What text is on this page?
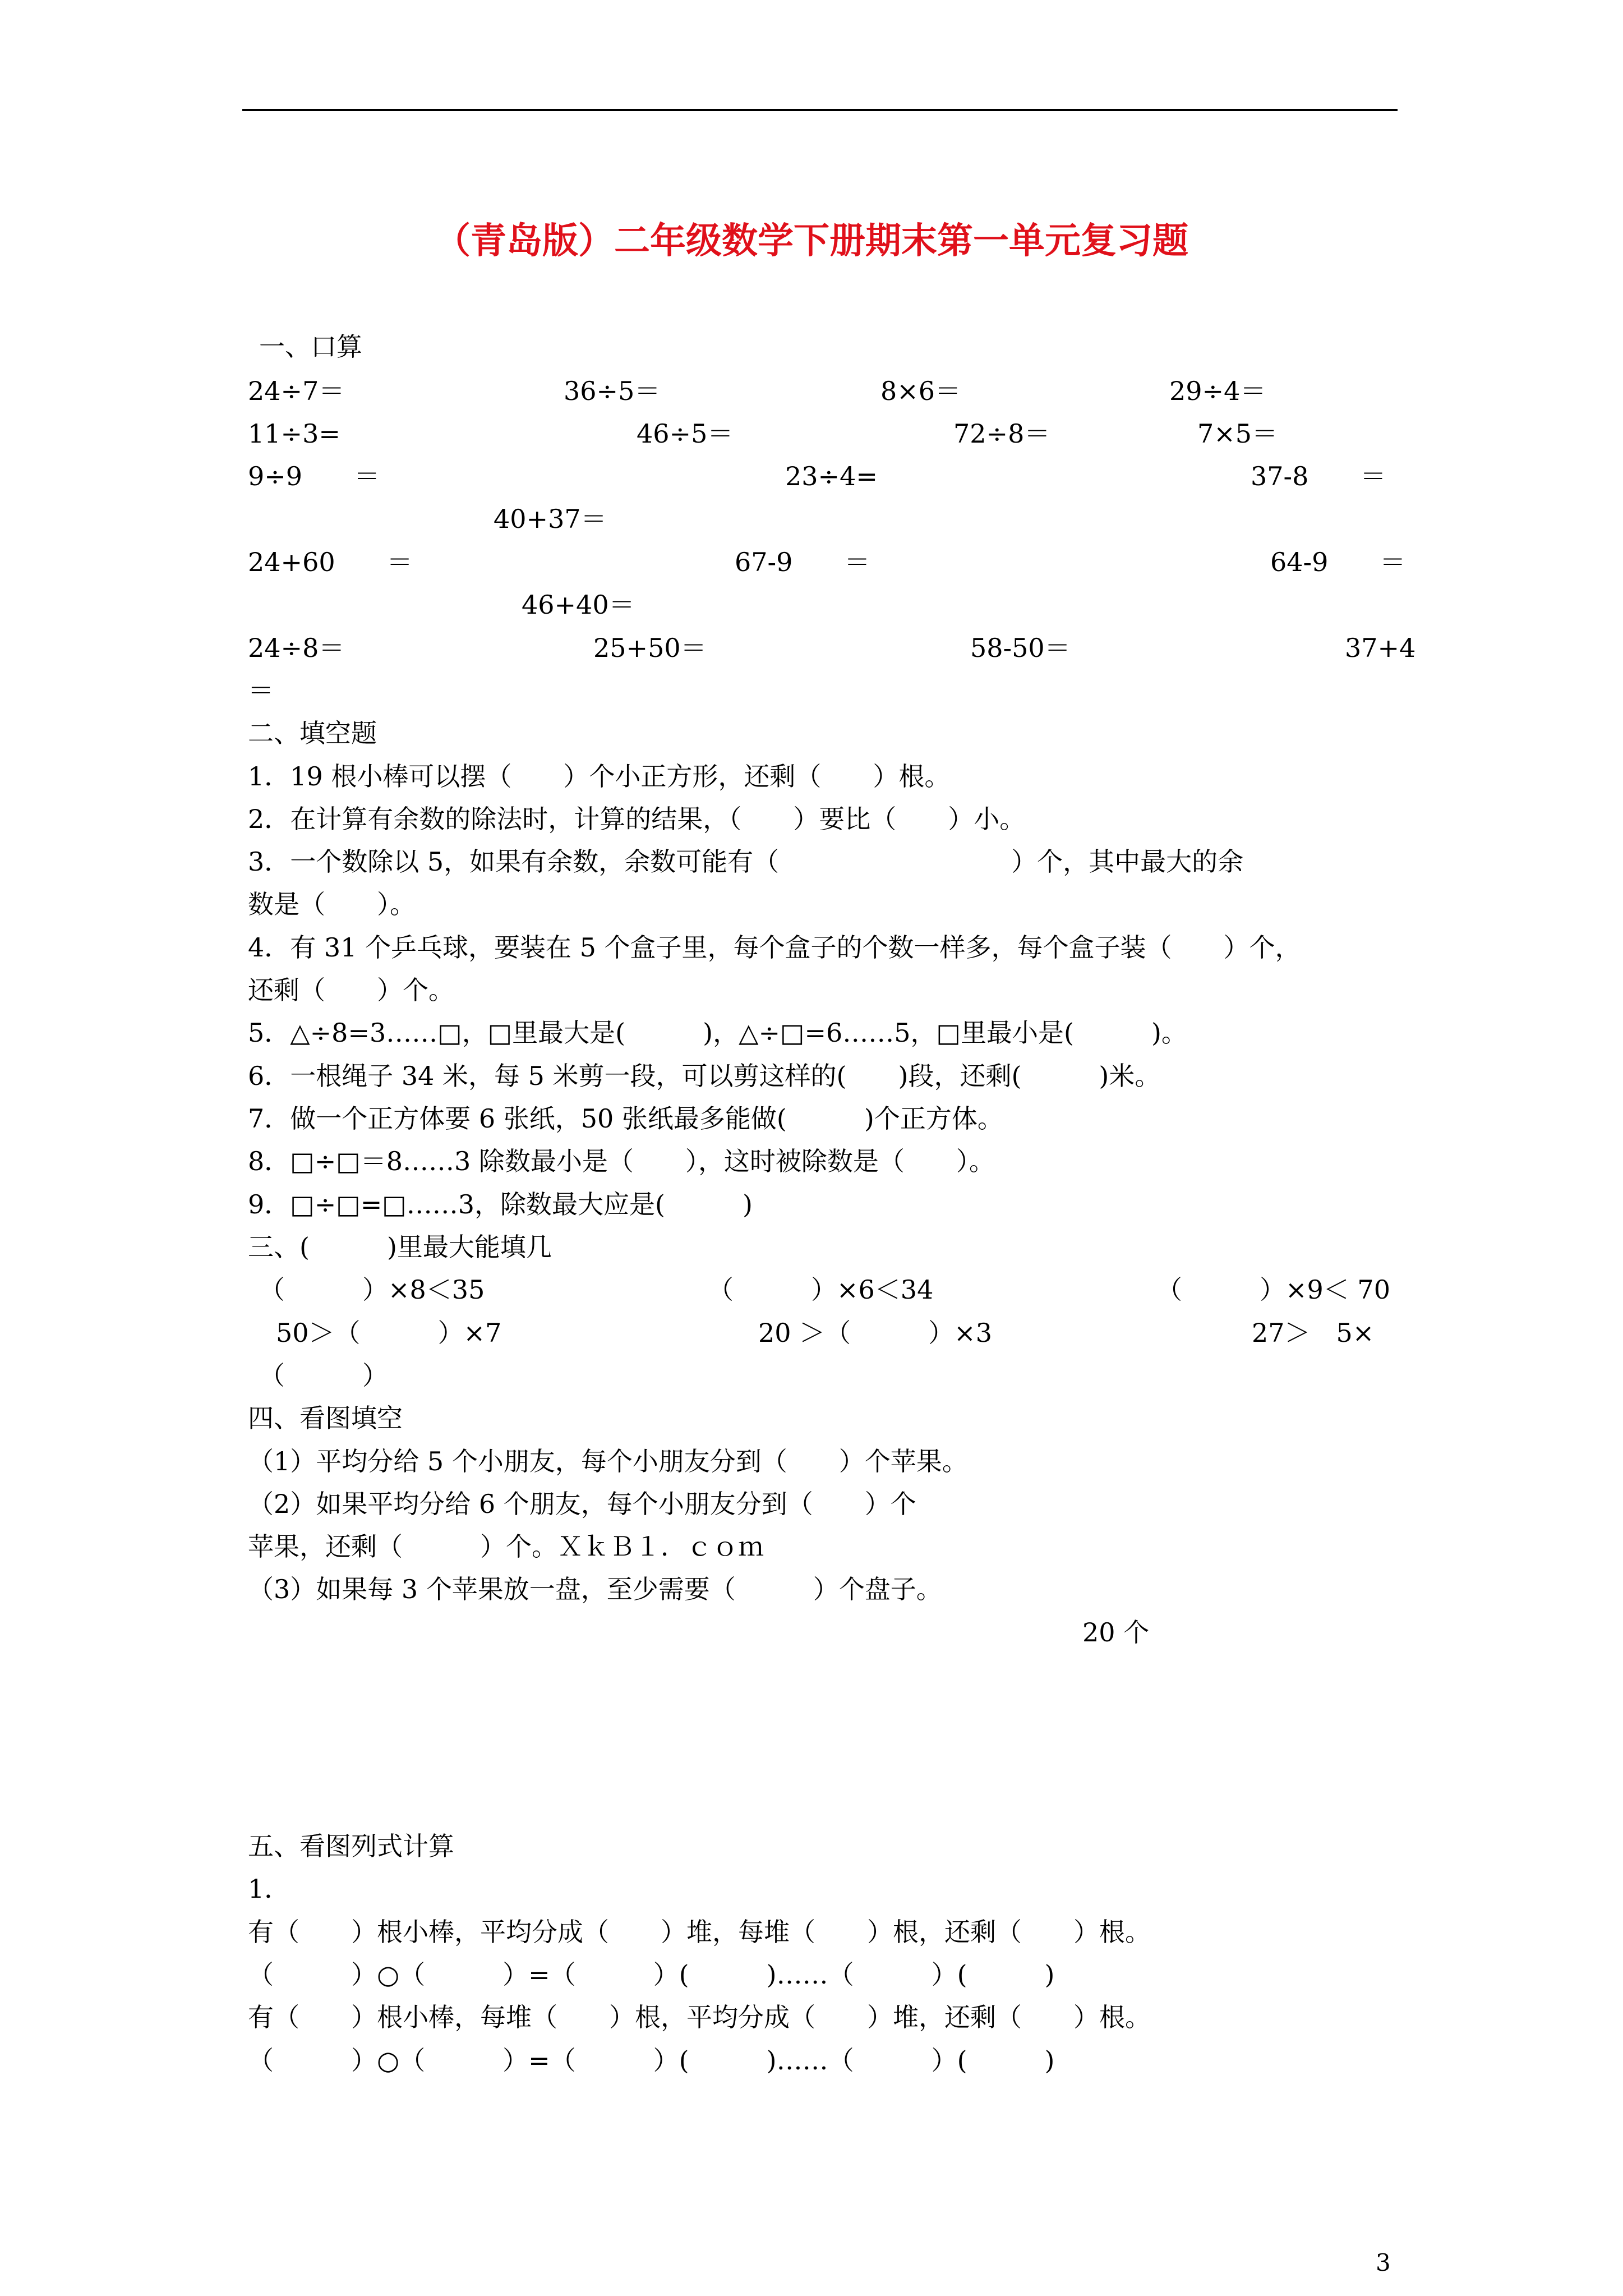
（青岛版）二年级数学下册期末第一单元复习题
一、口算
24÷7＝	36÷5＝	8×6＝	29÷4＝
11÷3=	46÷5＝	72÷8＝	7×5＝
9÷9　　＝	23÷4=	37-8　　＝
40+37＝
24+60　　＝	67-9　　＝	64-9　　＝
46+40＝
24÷8＝	25+50＝	58-50＝	37+4
＝
二、填空题
1．19 根小棒可以摆（　　）个小正方形，还剩（　　）根。
2．在计算有余数的除法时，计算的结果，（　　）要比（　　）小。
3．一个数除以 5，如果有余数，余数可能有（　　　　　　　　　）个，其中最大的余
数是（　　）。
4．有 31 个乒乓球，要装在 5 个盒子里，每个盒子的个数一样多，每个盒子装（　　）个，
还剩（　　）个。
5．△÷8=3……□，□里最大是(　　　)，△÷□=6……5，□里最小是(　　　)。
6．一根绳子 34 米，每 5 米剪一段，可以剪这样的(　　)段，还剩(　　　)米。
7．做一个正方体要 6 张纸，50 张纸最多能做(　　　)个正方体。
8．□÷□＝8……3 除数最小是（　　），这时被除数是（　　）。
9．□÷□=□……3，除数最大应是(　　　)
三、(　　　)里最大能填几
（　　　）×8＜35	（　　　）×6＜34	（　　　）×9＜ 70
50＞（　　　）×7	20 ＞（　　　）×3	27＞　5×
（　　　）
四、看图填空
（1）平均分给 5 个小朋友，每个小朋友分到（　　）个苹果。
（2）如果平均分给 6 个朋友，每个小朋友分到（　　）个
苹果，还剩（　　　）个。ＸｋＢ１．ｃｏｍ
（3）如果每 3 个苹果放一盘，至少需要（　　　）个盘子。
20 个
五、看图列式计算
1．
有（　　）根小棒，平均分成（　　）堆，每堆（　　）根，还剩（　　）根。
（　　　）○（　　　）=（　　　）(　　　)……（　　　）(　　　)
有（　　）根小棒，每堆（　　）根，平均分成（　　）堆，还剩（　　）根。
（　　　）○（　　　）=（　　　）(　　　)……（　　　）(　　　)
3
